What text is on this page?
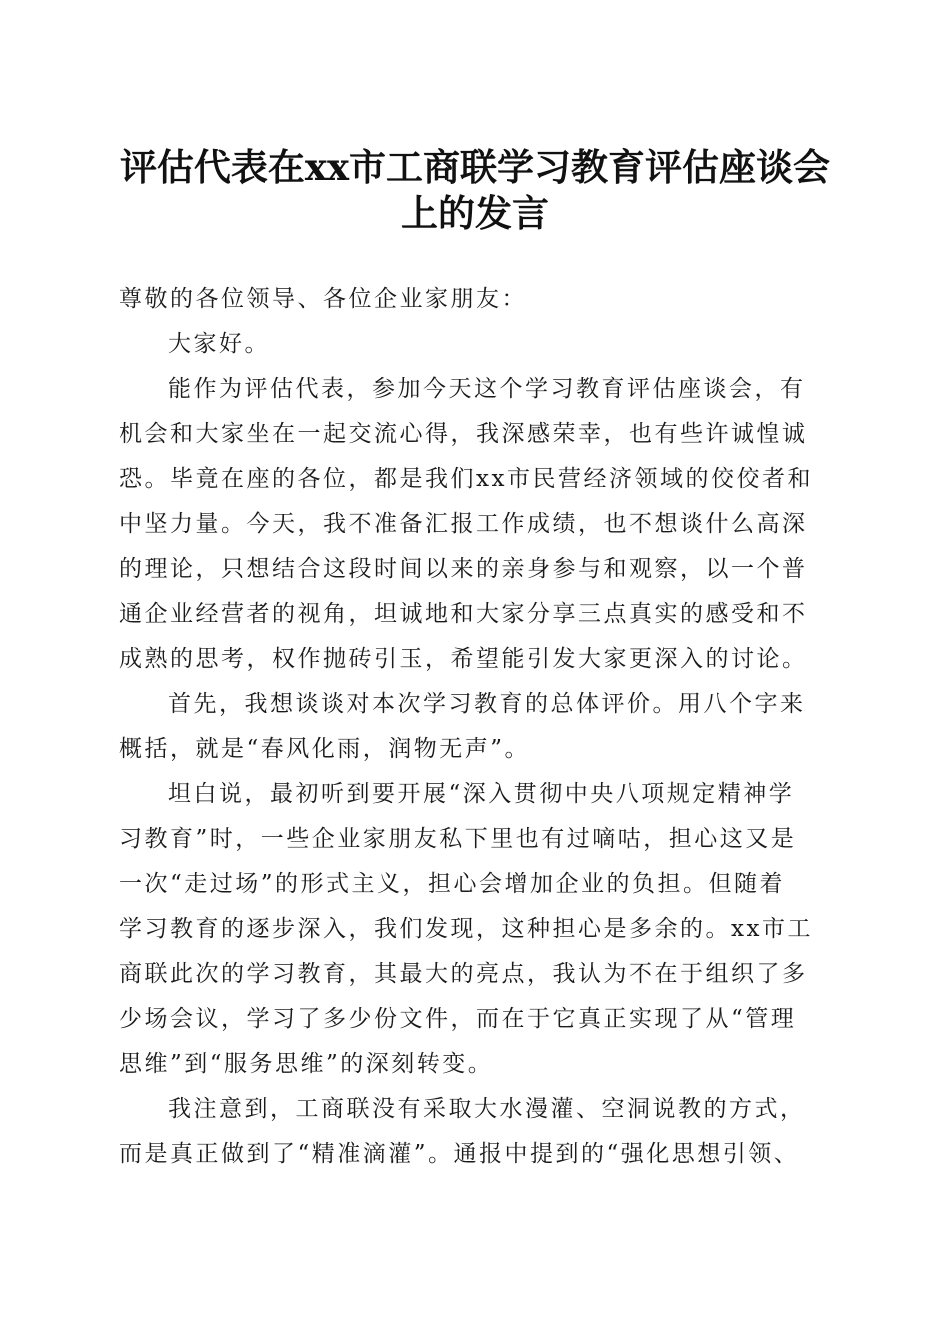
评估代表在xx市工商联学习教育评估座谈会
上的发言
尊敬的各位领导、各位企业家朋友：
大家好。
能作为评估代表，参加今天这个学习教育评估座谈会，有
机会和大家坐在一起交流心得，我深感荣幸，也有些许诚惶诚
恐。毕竟在座的各位，都是我们xx市民营经济领域的佼佼者和
中坚力量。今天，我不准备汇报工作成绩，也不想谈什么高深
的理论，只想结合这段时间以来的亲身参与和观察，以一个普
通企业经营者的视角，坦诚地和大家分享三点真实的感受和不
成熟的思考，权作抛砖引玉，希望能引发大家更深入的讨论。
首先，我想谈谈对本次学习教育的总体评价。用八个字来
概括，就是“春风化雨，润物无声”。
坦白说，最初听到要开展“深入贯彻中央八项规定精神学
习教育”时，一些企业家朋友私下里也有过嘀咕，担心这又是
一次“走过场”的形式主义，担心会增加企业的负担。但随着
学习教育的逐步深入，我们发现，这种担心是多余的。xx市工
商联此次的学习教育，其最大的亮点，我认为不在于组织了多
少场会议，学习了多少份文件，而在于它真正实现了从“管理
思维”到“服务思维”的深刻转变。
我注意到，工商联没有采取大水漫灌、空洞说教的方式，
而是真正做到了“精准滴灌”。通报中提到的“强化思想引领、
